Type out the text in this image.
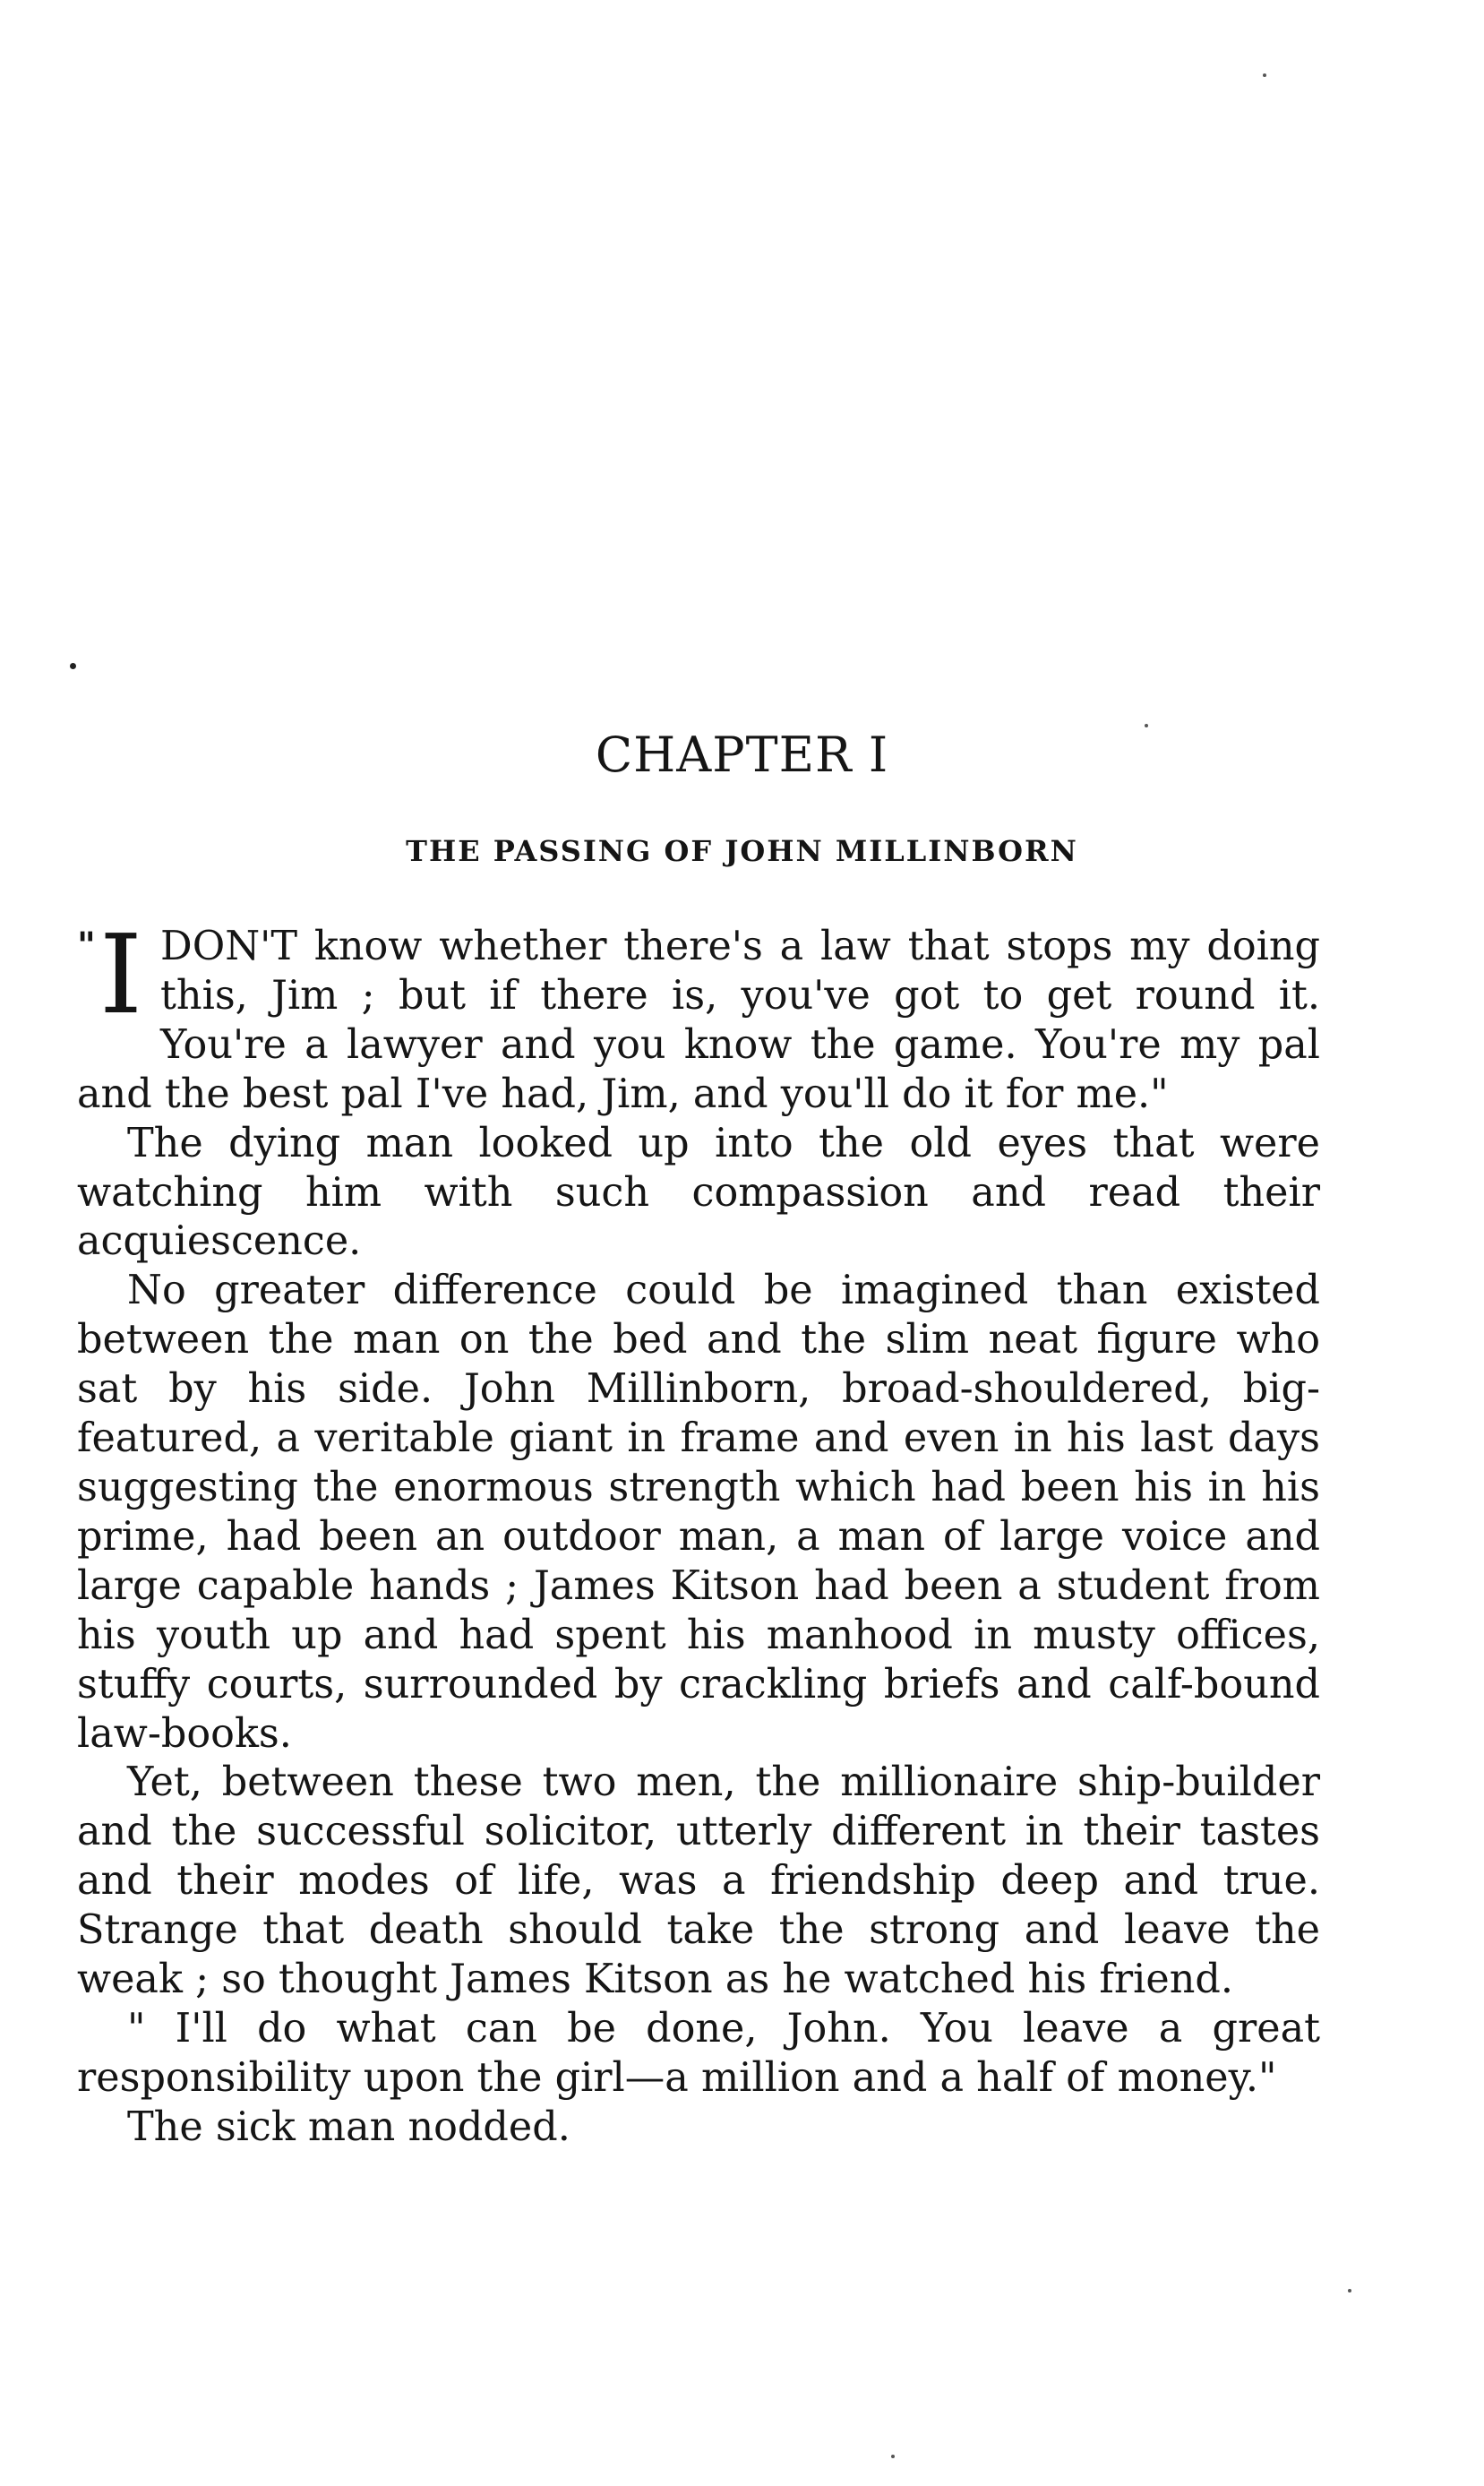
CHAPTER I
THE PASSING OF JOHN MILLINBORN

" I DON'T know whether there's a law that stops my doing this, Jim ; but if there is, you've got to get round it. You're a lawyer and you know the game. You're my pal and the best pal I've had, Jim, and you'll do it for me."

The dying man looked up into the old eyes that were watching him with such compassion and read their acquiescence.

No greater difference could be imagined than existed between the man on the bed and the slim neat figure who sat by his side. John Millinborn, broad-shouldered, big-featured, a veritable giant in frame and even in his last days suggesting the enormous strength which had been his in his prime, had been an outdoor man, a man of large voice and large capable hands ; James Kitson had been a student from his youth up and had spent his manhood in musty offices, stuffy courts, surrounded by crackling briefs and calf-bound law-books.

Yet, between these two men, the millionaire ship-builder and the successful solicitor, utterly different in their tastes and their modes of life, was a friendship deep and true. Strange that death should take the strong and leave the weak ; so thought James Kitson as he watched his friend.

" I'll do what can be done, John. You leave a great responsibility upon the girl—a million and a half of money."

The sick man nodded.
